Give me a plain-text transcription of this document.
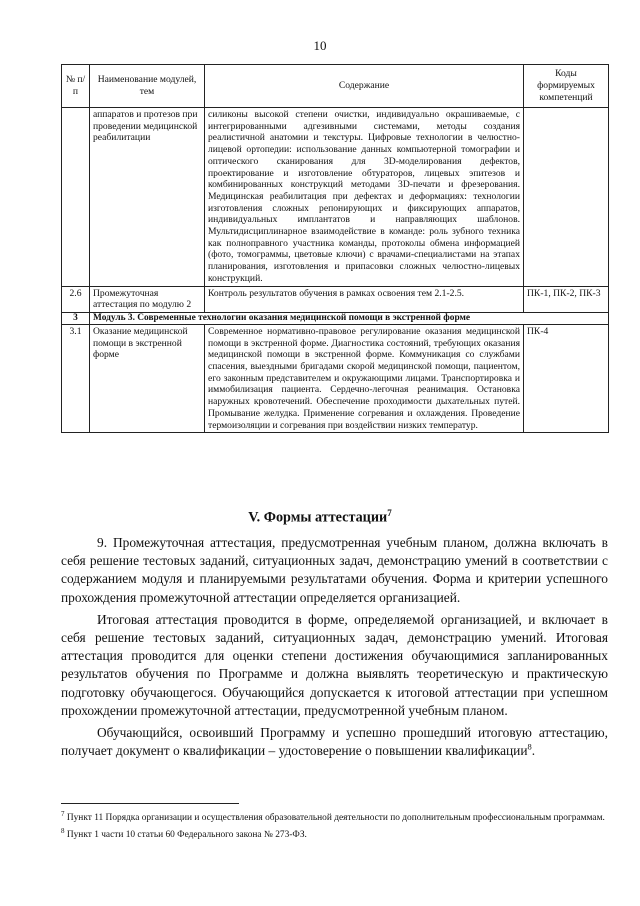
10
№ п/п	Наименование модулей, тем	Содержание	Коды формируемых компетенций
	аппаратов и протезов при проведении медицинской реабилитации	силиконы высокой степени очистки, индивидуально окрашиваемые, с интегрированными адгезивными системами, методы создания реалистичной анатомии и текстуры. Цифровые технологии в челюстно-лицевой ортопедии: использование данных компьютерной томографии и оптического сканирования для 3D-моделирования дефектов, проектирование и изготовление обтураторов, лицевых эпитезов и комбинированных конструкций методами 3D-печати и фрезерования. Медицинская реабилитация при дефектах и деформациях: технологии изготовления сложных репонирующих и фиксирующих аппаратов, индивидуальных имплантатов и направляющих шаблонов. Мультидисциплинарное взаимодействие в команде: роль зубного техника как полноправного участника команды, протоколы обмена информацией (фото, томограммы, цветовые ключи) с врачами-специалистами на этапах планирования, изготовления и припасовки сложных челюстно-лицевых конструкций.	
2.6	Промежуточная аттестация по модулю 2	Контроль результатов обучения в рамках освоения тем 2.1-2.5.	ПК-1, ПК-2, ПК-3
3	Модуль 3. Современные технологии оказания медицинской помощи в экстренной форме		
3.1	Оказание медицинской помощи в экстренной форме	Современное нормативно-правовое регулирование оказания медицинской помощи в экстренной форме. Диагностика состояний, требующих оказания медицинской помощи в экстренной форме. Коммуникация со службами спасения, выездными бригадами скорой медицинской помощи, пациентом, его законным представителем и окружающими лицами. Транспортировка и иммобилизация пациента. Сердечно-легочная реанимация. Остановка наружных кровотечений. Обеспечение проходимости дыхательных путей. Промывание желудка. Применение согревания и охлаждения. Проведение термоизоляции и согревания при воздействии низких температур.	ПК-4
V. Формы аттестации$^7$

9. Промежуточная аттестация, предусмотренная учебным планом, должна включать в себя решение тестовых заданий, ситуационных задач, демонстрацию умений в соответствии с содержанием модуля и планируемыми результатами обучения. Форма и критерии успешного прохождения промежуточной аттестации определяется организацией.

Итоговая аттестация проводится в форме, определяемой организацией, и включает в себя решение тестовых заданий, ситуационных задач, демонстрацию умений. Итоговая аттестация проводится для оценки степени достижения обучающимися запланированных результатов обучения по Программе и должна выявлять теоретическую и практическую подготовку обучающегося. Обучающийся допускается к итоговой аттестации при успешном прохождении промежуточной аттестации, предусмотренной учебным планом.

Обучающийся, освоивший Программу и успешно прошедший итоговую аттестацию, получает документ о квалификации – удостоверение о повышении квалификации$^8$.

$^7$ Пункт 11 Порядка организации и осуществления образовательной деятельности по дополнительным профессиональным программам.

$^8$ Пункт 1 части 10 статьи 60 Федерального закона № 273-ФЗ.
